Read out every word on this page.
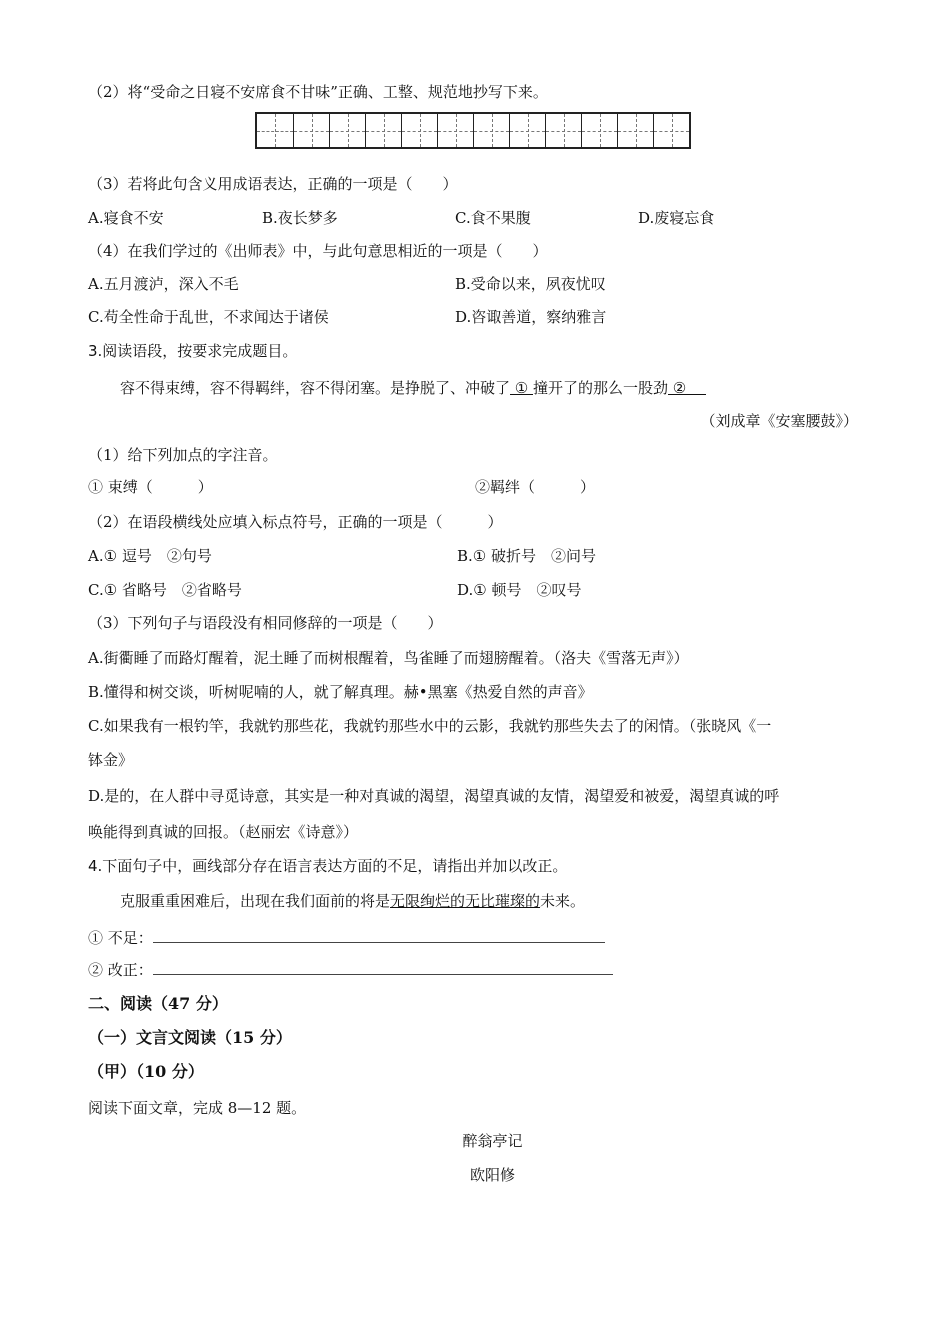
（2）将“受命之日寝不安席食不甘味”正确、工整、规范地抄写下来。
（3）若将此句含义用成语表达，正确的一项是（　　）
A.寝食不安	B.夜长梦多	C.食不果腹	D.废寝忘食
（4）在我们学过的《出师表》中，与此句意思相近的一项是（　　）
A.五月渡泸，深入不毛	B.受命以来，夙夜忧叹
C.苟全性命于乱世，不求闻达于诸侯	D.咨诹善道，察纳雅言
3.阅读语段，按要求完成题目。
容不得束缚，容不得羁绊，容不得闭塞。是挣脱了、冲破了 ① 撞开了的那么一股劲 ②   
（刘成章《安塞腰鼓》）
（1）给下列加点的字注音。
① 束缚（　　　）	②羁绊（　　　）
（2）在语段横线处应填入标点符号，正确的一项是（　　　）
A.① 逗号　②句号	B.① 破折号　②问号
C.① 省略号　②省略号	D.① 顿号　②叹号
（3）下列句子与语段没有相同修辞的一项是（　　）
A.街衢睡了而路灯醒着，泥土睡了而树根醒着，鸟雀睡了而翅膀醒着。（洛夫《雪落无声》）
B.懂得和树交谈，听树呢喃的人，就了解真理。赫•黑塞《热爱自然的声音》
C.如果我有一根钓竿，我就钓那些花，我就钓那些水中的云影，我就钓那些失去了的闲情。（张晓风《一
钵金》
D.是的，在人群中寻觅诗意，其实是一种对真诚的渴望，渴望真诚的友情，渴望爱和被爱，渴望真诚的呼
唤能得到真诚的回报。（赵丽宏《诗意》）
4.下面句子中，画线部分存在语言表达方面的不足，请指出并加以改正。
克服重重困难后，出现在我们面前的将是无限绚烂的无比璀璨的未来。
① 不足：
② 改正：
二、阅读（47 分）
（一）文言文阅读（15 分）
（甲）（10 分）
阅读下面文章，完成 8—12 题。
醉翁亭记
欧阳修
